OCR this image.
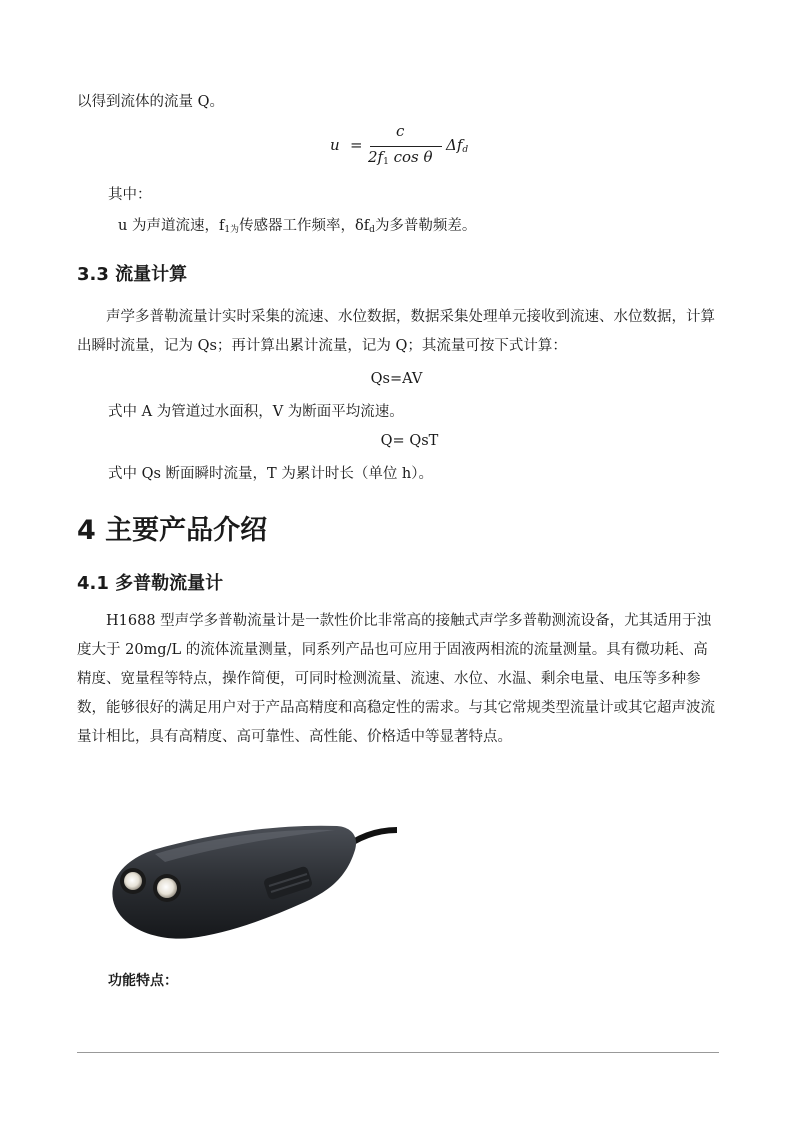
以得到流体的流量 Q。

u =
c
$2f_1$ cos θ
$\Delta f_d$

其中：

u 为声道流速，$f_{1为}$传感器工作频率，$\delta f_d$为多普勒频差。

3.3 流量计算

声学多普勒流量计实时采集的流速、水位数据，数据采集处理单元接收到流速、水位数据，计算出瞬时流量，记为 Qs；再计算出累计流量，记为 Q；其流量可按下式计算：

Qs=AV

式中 A 为管道过水面积，V 为断面平均流速。

Q= QsT

式中 Qs 断面瞬时流量，T 为累计时长（单位 h）。

4 主要产品介绍
4.1 多普勒流量计

H1688 型声学多普勒流量计是一款性价比非常高的接触式声学多普勒测流设备，尤其适用于浊度大于 20mg/L 的流体流量测量，同系列产品也可应用于固液两相流的流量测量。具有微功耗、高精度、宽量程等特点，操作简便，可同时检测流量、流速、水位、水温、剩余电量、电压等多种参数，能够很好的满足用户对于产品高精度和高稳定性的需求。与其它常规类型流量计或其它超声波流量计相比，具有高精度、高可靠性、高性能、价格适中等显著特点。

功能特点：
